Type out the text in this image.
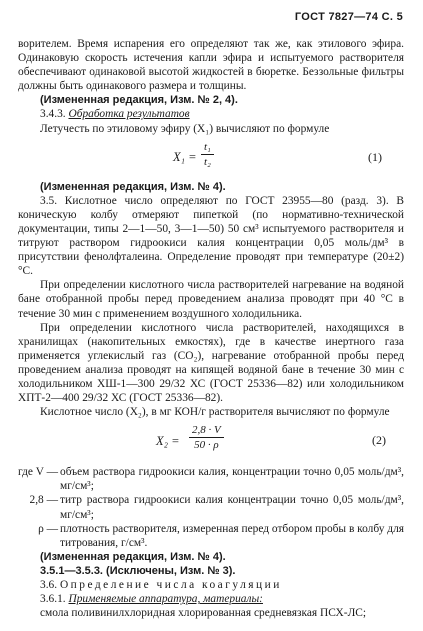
ГОСТ 7827—74 С. 5

ворителем. Время испарения его определяют так же, как этилового эфира. Одинаковую скорость истечения капли эфира и испытуемого растворителя обеспечивают одинаковой высотой жидкостей в бюретке. Беззольные фильтры должны быть одинакового размера и толщины.

(Измененная редакция, Изм. № 2, 4).

3.4.3. Обработка результатов

Летучесть по этиловому эфиру (X₁) вычисляют по формуле

$X_1 = \frac{\text{t₁}}{\text{t₂}}$	(1)

(Измененная редакция, Изм. № 4).

3.5. Кислотное число определяют по ГОСТ 23955—80 (разд. 3). В коническую колбу отмеряют пипеткой (по нормативно-технической документации, типы 2—1—50, 3—1—50) 50 см³ испытуемого растворителя и титруют раствором гидроокиси калия концентрации 0,05 моль/дм³ в присутствии фенолфталеина. Определение проводят при температуре (20±2) °С.

При определении кислотного числа растворителей нагревание на водяной бане отобранной пробы перед проведением анализа проводят при 40 °С в течение 30 мин с применением воздушного холодильника.

При определении кислотного числа растворителей, находящихся в хранилищах (накопительных емкостях), где в качестве инертного газа применяется углекислый газ (СО₂), нагревание отобранной пробы перед проведением анализа проводят на кипящей водяной бане в течение 30 мин с холодильником ХШ-1—300 29/32 ХС (ГОСТ 25336—82) или холодильником ХПТ-2—400 29/32 ХС (ГОСТ 25336—82).

Кислотное число (X₂), в мг КОН/г растворителя вычисляют по формуле

$X_2 = \frac{2,8 \cdot V}{50 \cdot \rho}$	(2)
где V — объем раствора гидроокиси калия, концентрации точно 0,05 моль/дм³, мг/см³;
2,8 — титр раствора гидроокиси калия концентрации точно 0,05 моль/дм³, мг/см³;
ρ — плотность растворителя, измеренная перед отбором пробы в колбу для титрования, г/см³.

(Измененная редакция, Изм. № 4).

3.5.1—3.5.3. (Исключены, Изм. № 3).

3.6. Определение числа коагуляции

3.6.1. Применяемые аппаратура, материалы:

смола поливинилхлоридная хлорированная средневязкая ПСХ-ЛС;
